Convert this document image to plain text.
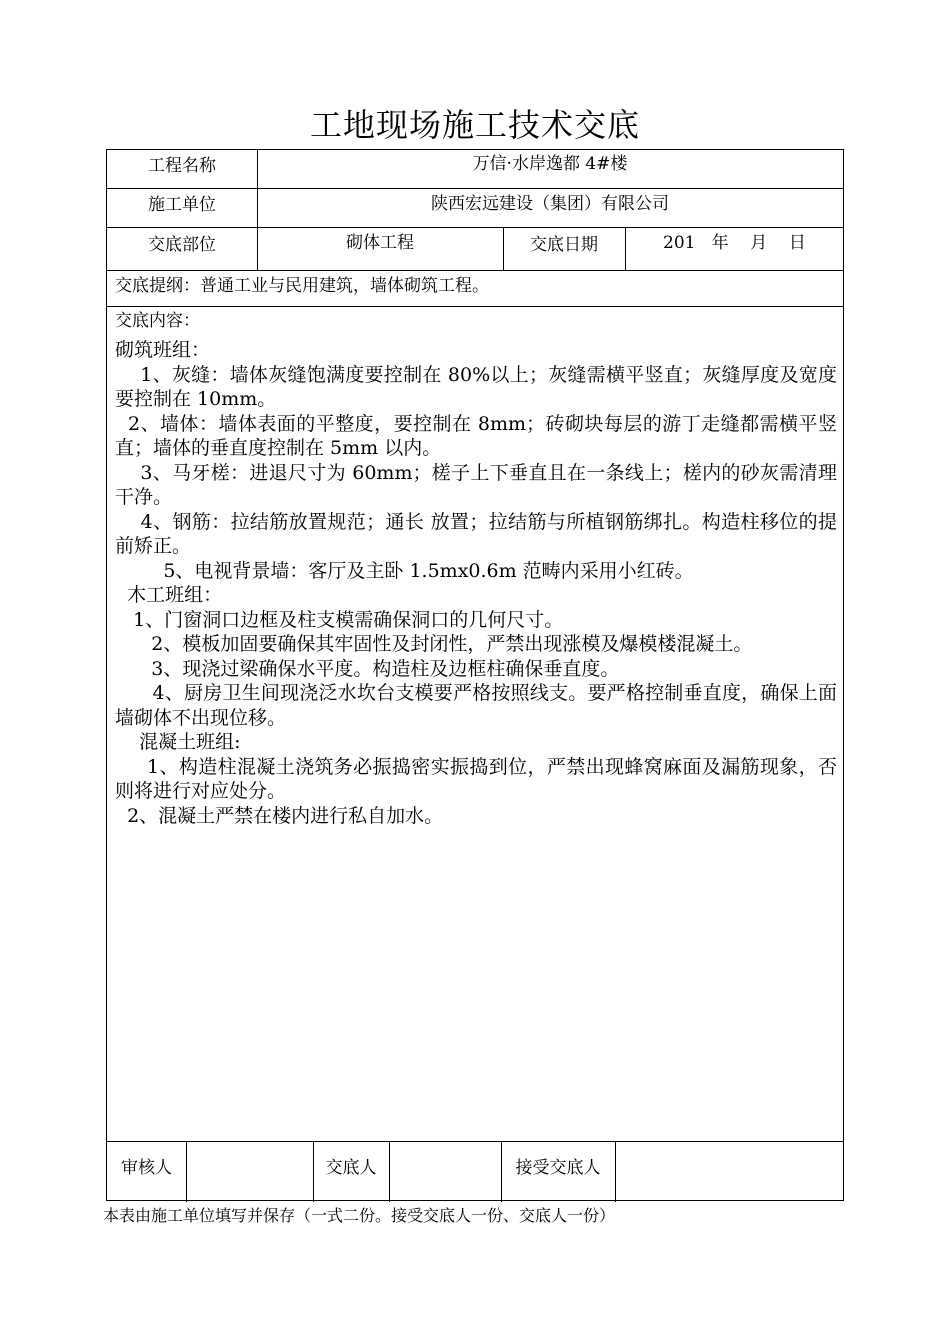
工地现场施工技术交底
工程名称	万信·水岸逸都 4#楼
施工单位	陕西宏远建设（集团）有限公司
交底部位	砌体工程	交底日期	201   年    月    日
交底提纲：普通工业与民用建筑，墙体砌筑工程。
交底内容：

砌筑班组：

1、灰缝：墙体灰缝饱满度要控制在 80%以上；灰缝需横平竖直；灰缝厚度及宽度要控制在 10mm。

2、墙体：墙体表面的平整度，要控制在 8mm；砖砌块每层的游丁走缝都需横平竖直；墙体的垂直度控制在 5mm 以内。

3、马牙槎：进退尺寸为 60mm；槎子上下垂直且在一条线上；槎内的砂灰需清理干净。

4、钢筋：拉结筋放置规范；通长 放置；拉结筋与所植钢筋绑扎。构造柱移位的提前矫正。

5、电视背景墙：客厅及主卧 1.5mx0.6m 范畴内采用小红砖。

木工班组：

1、门窗洞口边框及柱支模需确保洞口的几何尺寸。

2、模板加固要确保其牢固性及封闭性，严禁出现涨模及爆模楼混凝土。

3、现浇过梁确保水平度。构造柱及边框柱确保垂直度。

4、厨房卫生间现浇泛水坎台支模要严格按照线支。要严格控制垂直度，确保上面墙砌体不出现位移。

混凝土班组:

1、构造柱混凝土浇筑务必振捣密实振捣到位，严禁出现蜂窝麻面及漏筋现象，否则将进行对应处分。

2、混凝土严禁在楼内进行私自加水。

审核人	交底人	接受交底人
本表由施工单位填写并保存（一式二份。接受交底人一份、交底人一份）
